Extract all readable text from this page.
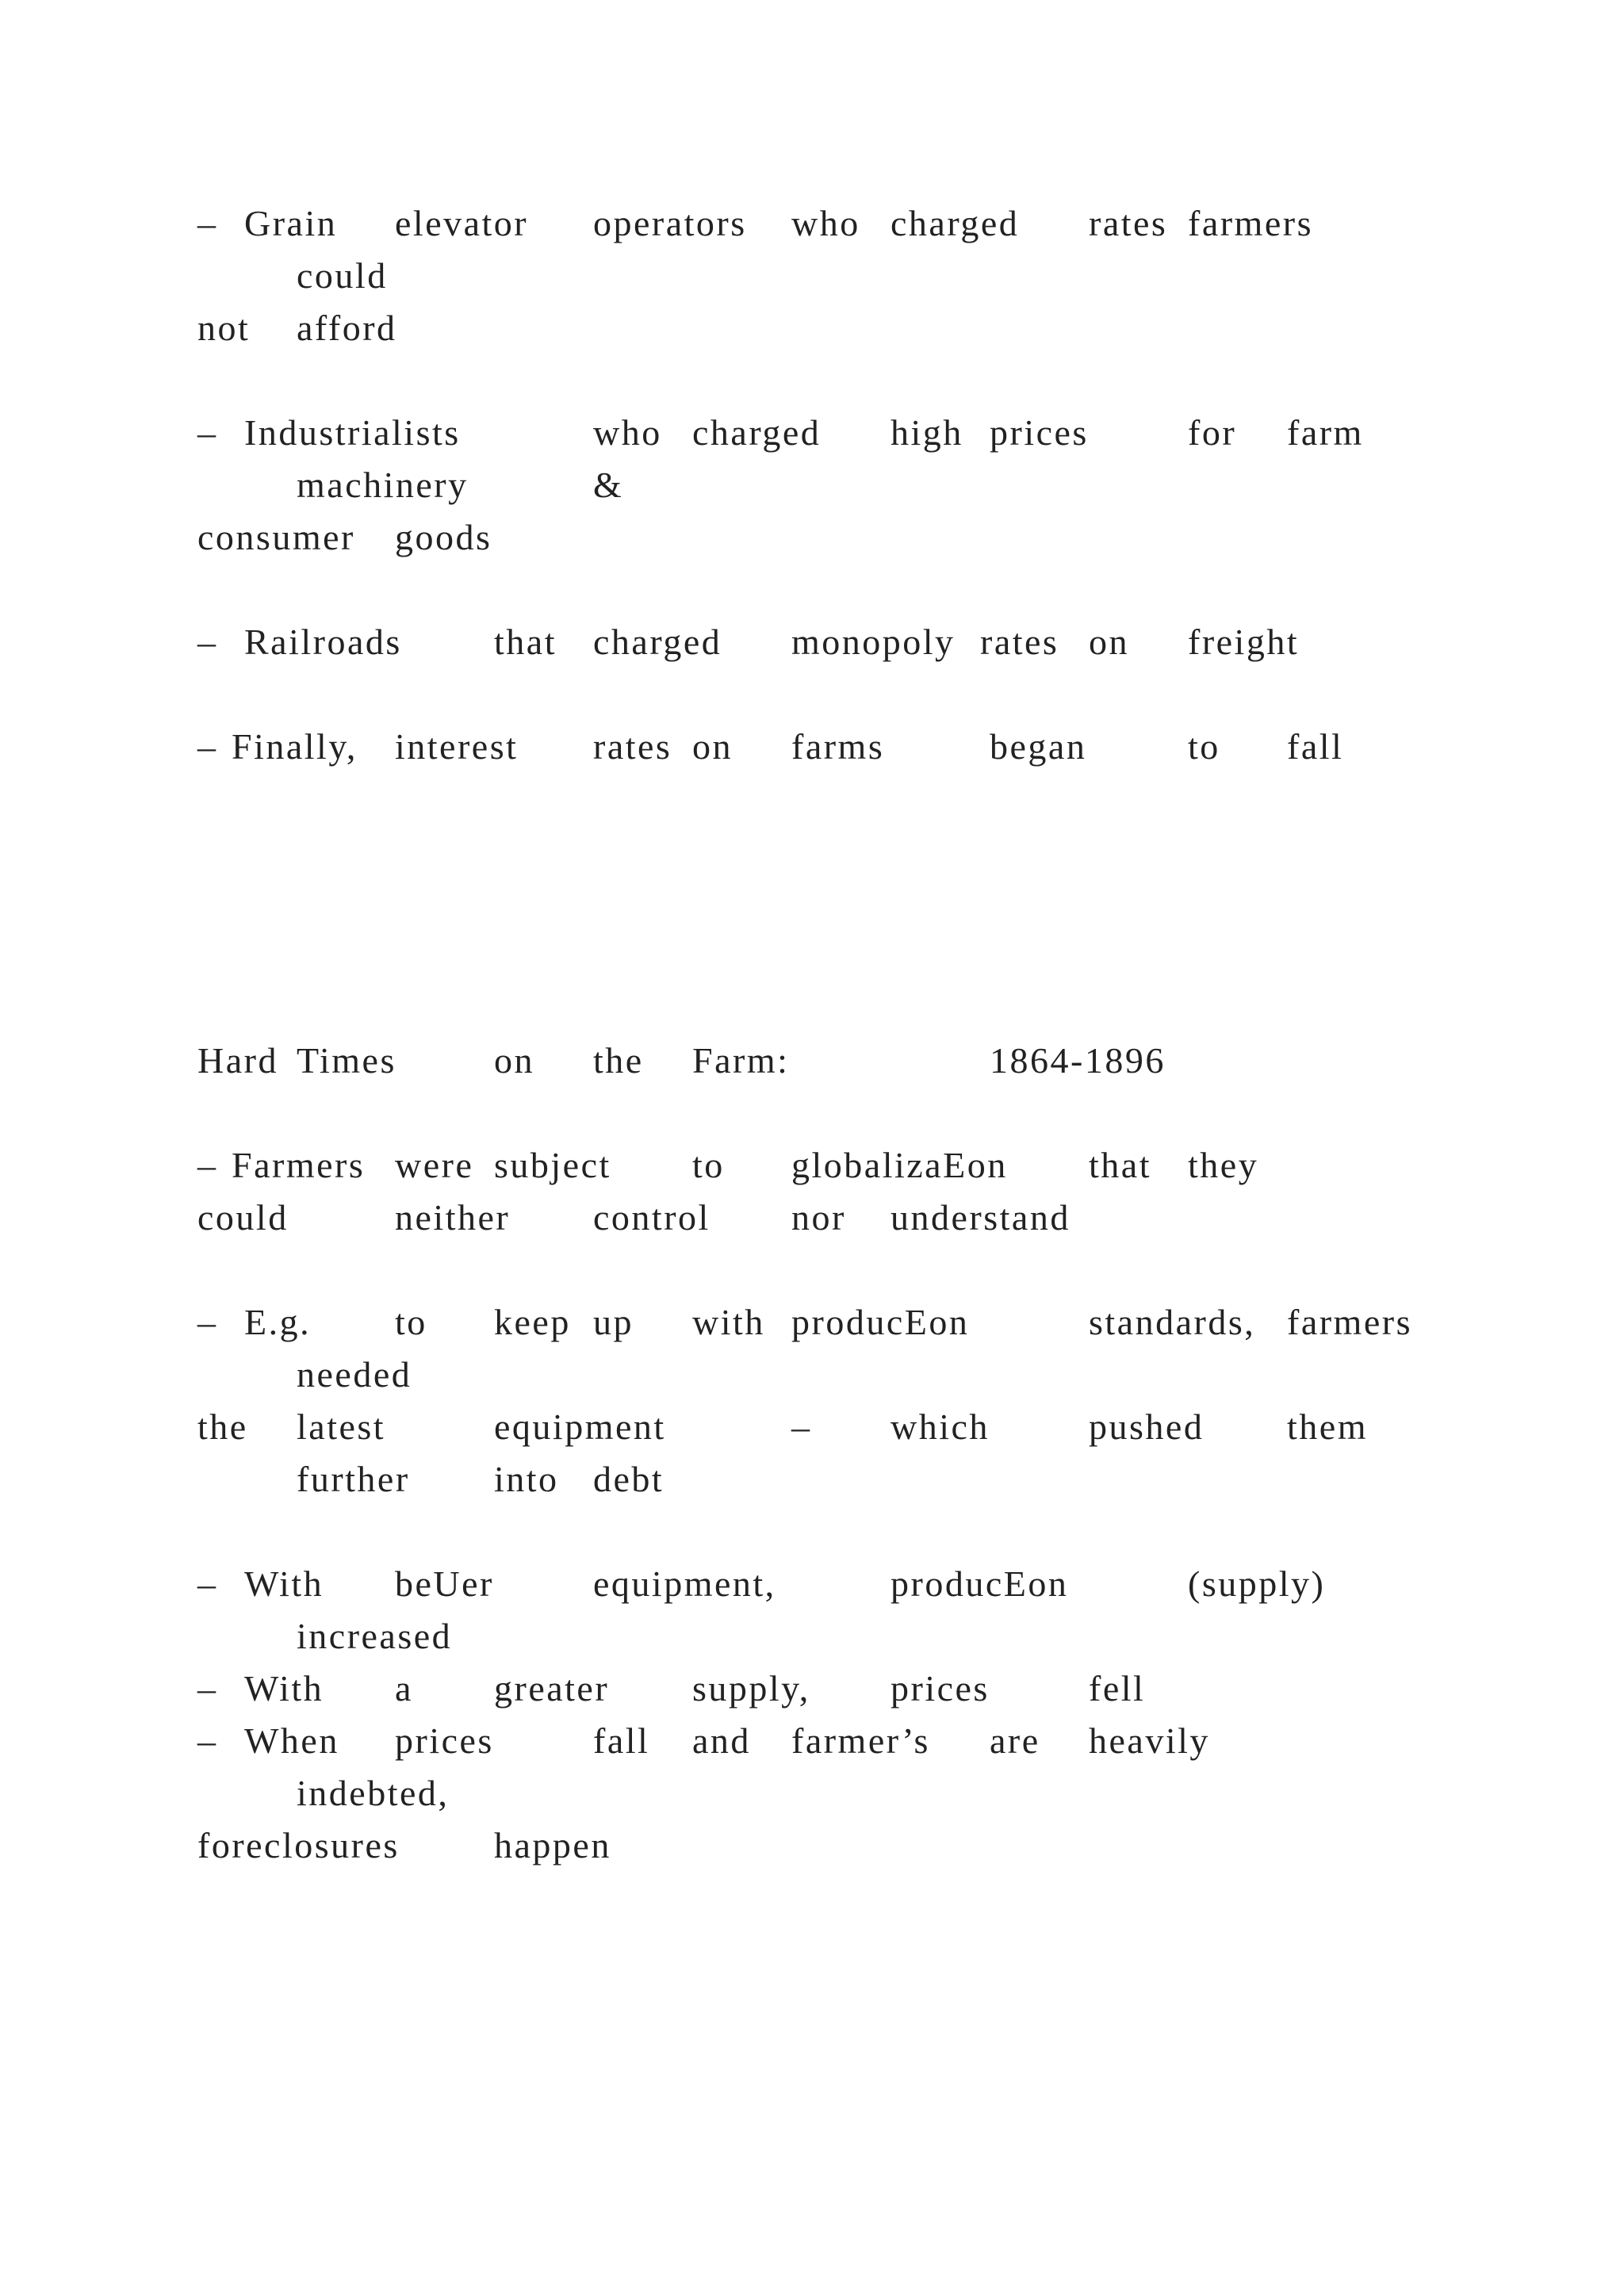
– Grain elevator operators who charged rates farmers
could
not afford
– Industrialists	who charged high prices	for farm
machinery	&
consumer goods
– Railroads	that charged monopoly rates on freight
– Finally, interest rates on farms	began	to fall
Hard Times	on the Farm:	1864-1896
– Farmers were subject to globalizaEon that they
could	neither control nor understand
– E.g. to keep up with producEon	standards, farmers
needed
the latest	equipment	– which	pushed them
further into debt
– With beUer	equipment,	producEon	(supply)
increased
– With a greater supply, prices	fell
– When prices	fall and farmer’s are heavily
indebted,
foreclosures	happen
